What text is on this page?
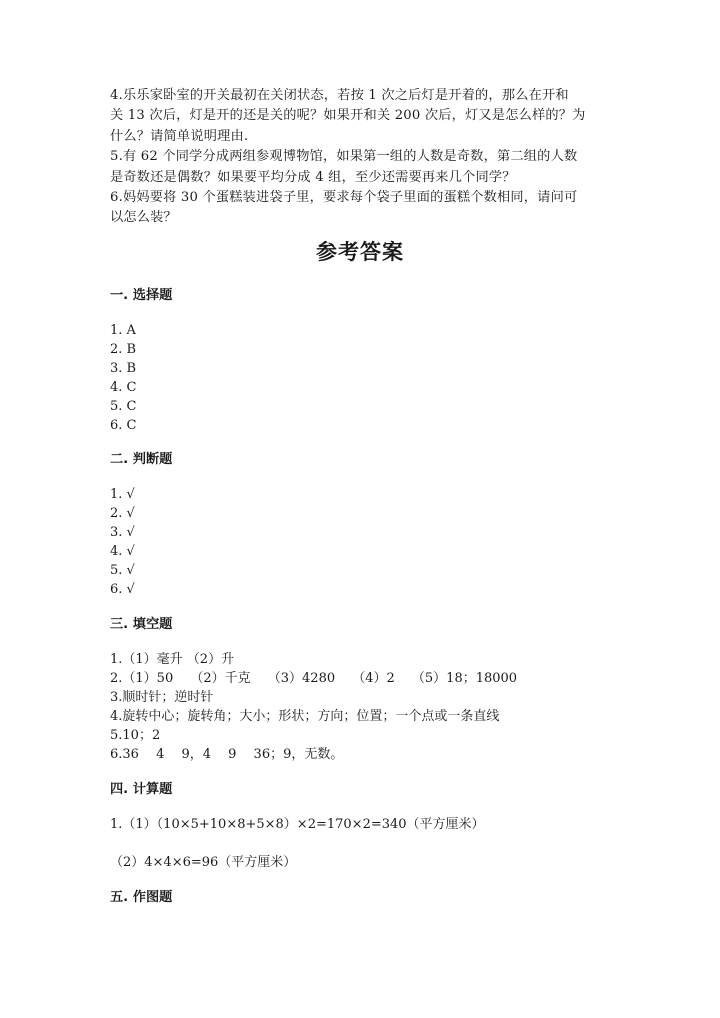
4.乐乐家卧室的开关最初在关闭状态，若按 1 次之后灯是开着的，那么在开和

关 13 次后，灯是开的还是关的呢？如果开和关 200 次后，灯又是怎么样的？为

什么？请简单说明理由.

5.有 62 个同学分成两组参观博物馆，如果第一组的人数是奇数，第二组的人数

是奇数还是偶数？如果要平均分成 4 组，至少还需要再来几个同学？

6.妈妈要将 30 个蛋糕装进袋子里，要求每个袋子里面的蛋糕个数相同，请问可

以怎么装？

参考答案

一. 选择题

1. A

2. B

3. B

4. C

5. C

6. C

二. 判断题

1. √

2. √

3. √

4. √

5. √

6. √

三. 填空题

1.（1）毫升 （2）升

2.（1）50　 （2）千克　 （3）4280　 （4）2　 （5）18；18000

3.顺时针；逆时针

4.旋转中心；旋转角；大小；形状；方向；位置；一个点或一条直线

5.10；2

6.36　 4　 9，4　 9　 36；9，无数。

四. 计算题

1.（1）（10×5+10×8+5×8）×2=170×2=340（平方厘米）

（2）4×4×6=96（平方厘米）

五. 作图题
